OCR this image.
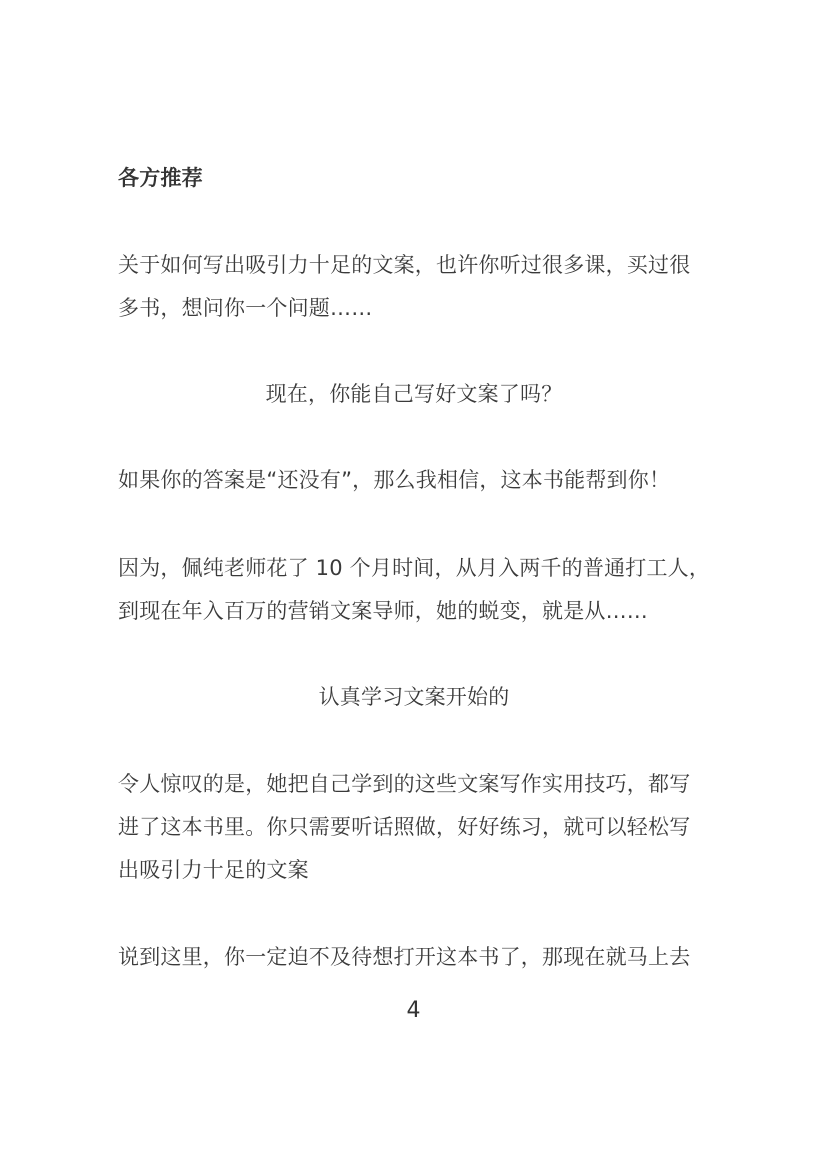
各方推荐
关于如何写出吸引力十足的文案，也许你听过很多课，买过很
多书，想问你一个问题……
现在，你能自己写好文案了吗？
如果你的答案是“还没有”，那么我相信，这本书能帮到你！
因为，佩纯老师花了 10 个月时间，从月入两千的普通打工人，
到现在年入百万的营销文案导师，她的蜕变，就是从……
认真学习文案开始的
令人惊叹的是，她把自己学到的这些文案写作实用技巧，都写
进了这本书里。你只需要听话照做，好好练习，就可以轻松写
出吸引力十足的文案
说到这里，你一定迫不及待想打开这本书了，那现在就马上去
4
